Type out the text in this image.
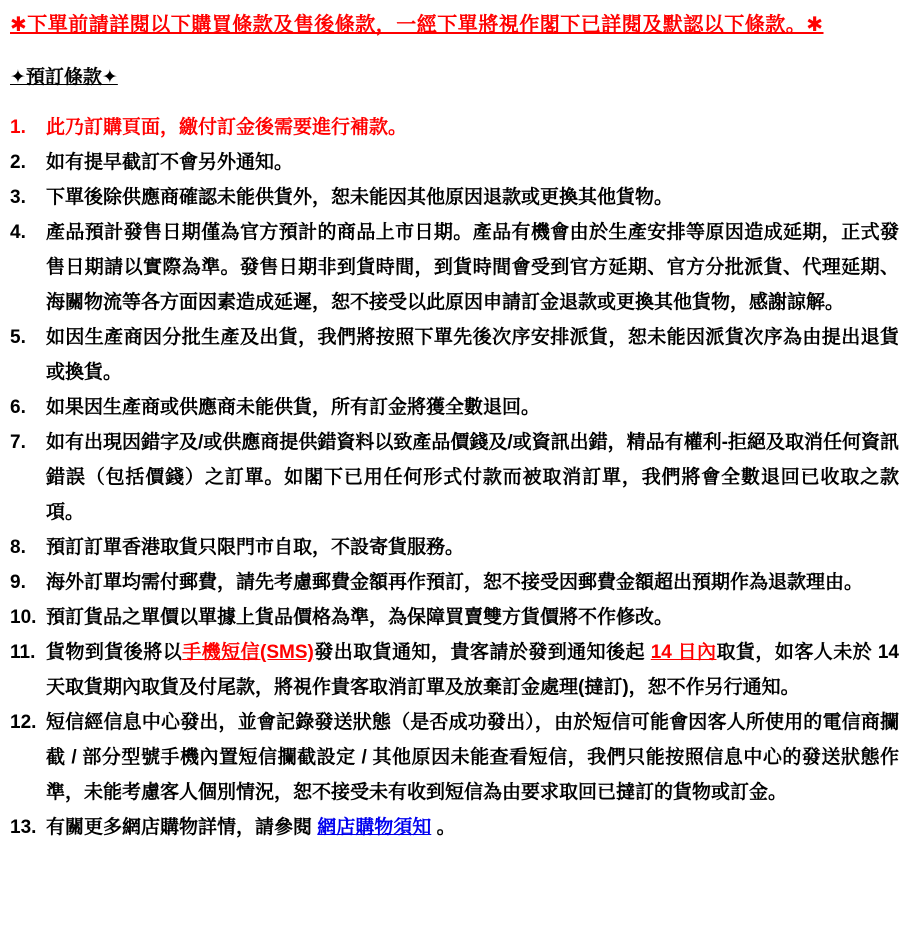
✱下單前請詳閱以下購買條款及售後條款，一經下單將視作閣下已詳閱及默認以下條款。✱

✦預訂條款✦
1.	此乃訂購頁面，繳付訂金後需要進行補款。
2.	如有提早截訂不會另外通知。
3.	下單後除供應商確認未能供貨外，恕未能因其他原因退款或更換其他貨物。
4.	產品預計發售日期僅為官方預計的商品上市日期。產品有機會由於生產安排等原因造成延期，正式發售日期請以實際為準。發售日期非到貨時間，到貨時間會受到官方延期、官方分批派貨、代理延期、海關物流等各方面因素造成延遲，恕不接受以此原因申請訂金退款或更換其他貨物，感謝諒解。
5.	如因生產商因分批生產及出貨，我們將按照下單先後次序安排派貨，恕未能因派貨次序為由提出退貨或換貨。
6.	如果因生產商或供應商未能供貨，所有訂金將獲全數退回。
7.	如有出現因錯字及/或供應商提供錯資料以致產品價錢及/或資訊出錯，精品有權利-拒絕及取消任何資訊錯誤（包括價錢）之訂單。如閣下已用任何形式付款而被取消訂單，我們將會全數退回已收取之款項。
8.	預訂訂單香港取貨只限門市自取，不設寄貨服務。
9.	海外訂單均需付郵費，請先考慮郵費金額再作預訂，恕不接受因郵費金額超出預期作為退款理由。
10. 預訂貨品之單價以單據上貨品價格為準，為保障買賣雙方貨價將不作修改。
11. 貨物到貨後將以手機短信(SMS)發出取貨通知，貴客請於發到通知後起 14 日內取貨，如客人未於 14 天取貨期內取貨及付尾款，將視作貴客取消訂單及放棄訂金處理(撻訂)，恕不作另行通知。
12. 短信經信息中心發出，並會記錄發送狀態（是否成功發出），由於短信可能會因客人所使用的電信商攔截 / 部分型號手機內置短信攔截設定 / 其他原因未能查看短信，我們只能按照信息中心的發送狀態作準，未能考慮客人個別情況，恕不接受未有收到短信為由要求取回已撻訂的貨物或訂金。
13. 有關更多網店購物詳情，請參閱 網店購物須知 。
